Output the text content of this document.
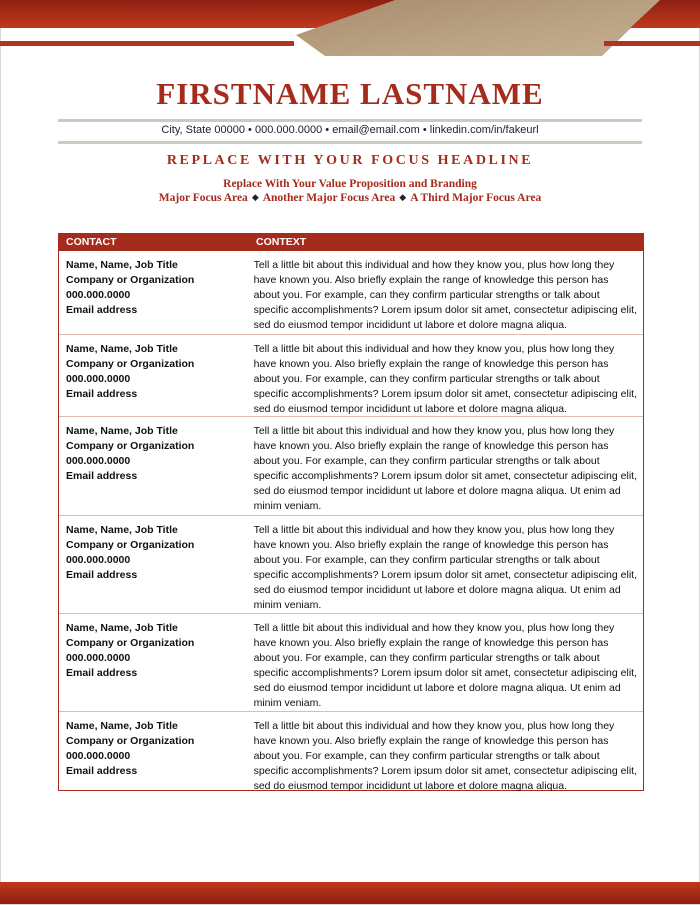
FIRSTNAME LASTNAME
City, State 00000 • 000.000.0000 • email@email.com • linkedin.com/in/fakeurl
REPLACE WITH YOUR FOCUS HEADLINE
Replace With Your Value Proposition and Branding
Major Focus Area ◆ Another Major Focus Area ◆ A Third Major Focus Area
CONTACT	CONTEXT
Name, Name, Job Title
Company or Organization
000.000.0000
Email address
Tell a little bit about this individual and how they know you, plus how long they
have known you. Also briefly explain the range of knowledge this person has
about you. For example, can they confirm particular strengths or talk about
specific accomplishments? Lorem ipsum dolor sit amet, consectetur adipiscing elit,
sed do eiusmod tempor incididunt ut labore et dolore magna aliqua.
Name, Name, Job Title
Company or Organization
000.000.0000
Email address
Tell a little bit about this individual and how they know you, plus how long they
have known you. Also briefly explain the range of knowledge this person has
about you. For example, can they confirm particular strengths or talk about
specific accomplishments? Lorem ipsum dolor sit amet, consectetur adipiscing elit,
sed do eiusmod tempor incididunt ut labore et dolore magna aliqua.
Name, Name, Job Title
Company or Organization
000.000.0000
Email address
Tell a little bit about this individual and how they know you, plus how long they
have known you. Also briefly explain the range of knowledge this person has
about you. For example, can they confirm particular strengths or talk about
specific accomplishments? Lorem ipsum dolor sit amet, consectetur adipiscing elit,
sed do eiusmod tempor incididunt ut labore et dolore magna aliqua. Ut enim ad
minim veniam.
Name, Name, Job Title
Company or Organization
000.000.0000
Email address
Tell a little bit about this individual and how they know you, plus how long they
have known you. Also briefly explain the range of knowledge this person has
about you. For example, can they confirm particular strengths or talk about
specific accomplishments? Lorem ipsum dolor sit amet, consectetur adipiscing elit,
sed do eiusmod tempor incididunt ut labore et dolore magna aliqua. Ut enim ad
minim veniam.
Name, Name, Job Title
Company or Organization
000.000.0000
Email address
Tell a little bit about this individual and how they know you, plus how long they
have known you. Also briefly explain the range of knowledge this person has
about you. For example, can they confirm particular strengths or talk about
specific accomplishments? Lorem ipsum dolor sit amet, consectetur adipiscing elit,
sed do eiusmod tempor incididunt ut labore et dolore magna aliqua. Ut enim ad
minim veniam.
Name, Name, Job Title
Company or Organization
000.000.0000
Email address
Tell a little bit about this individual and how they know you, plus how long they
have known you. Also briefly explain the range of knowledge this person has
about you. For example, can they confirm particular strengths or talk about
specific accomplishments? Lorem ipsum dolor sit amet, consectetur adipiscing elit,
sed do eiusmod tempor incididunt ut labore et dolore magna aliqua.
